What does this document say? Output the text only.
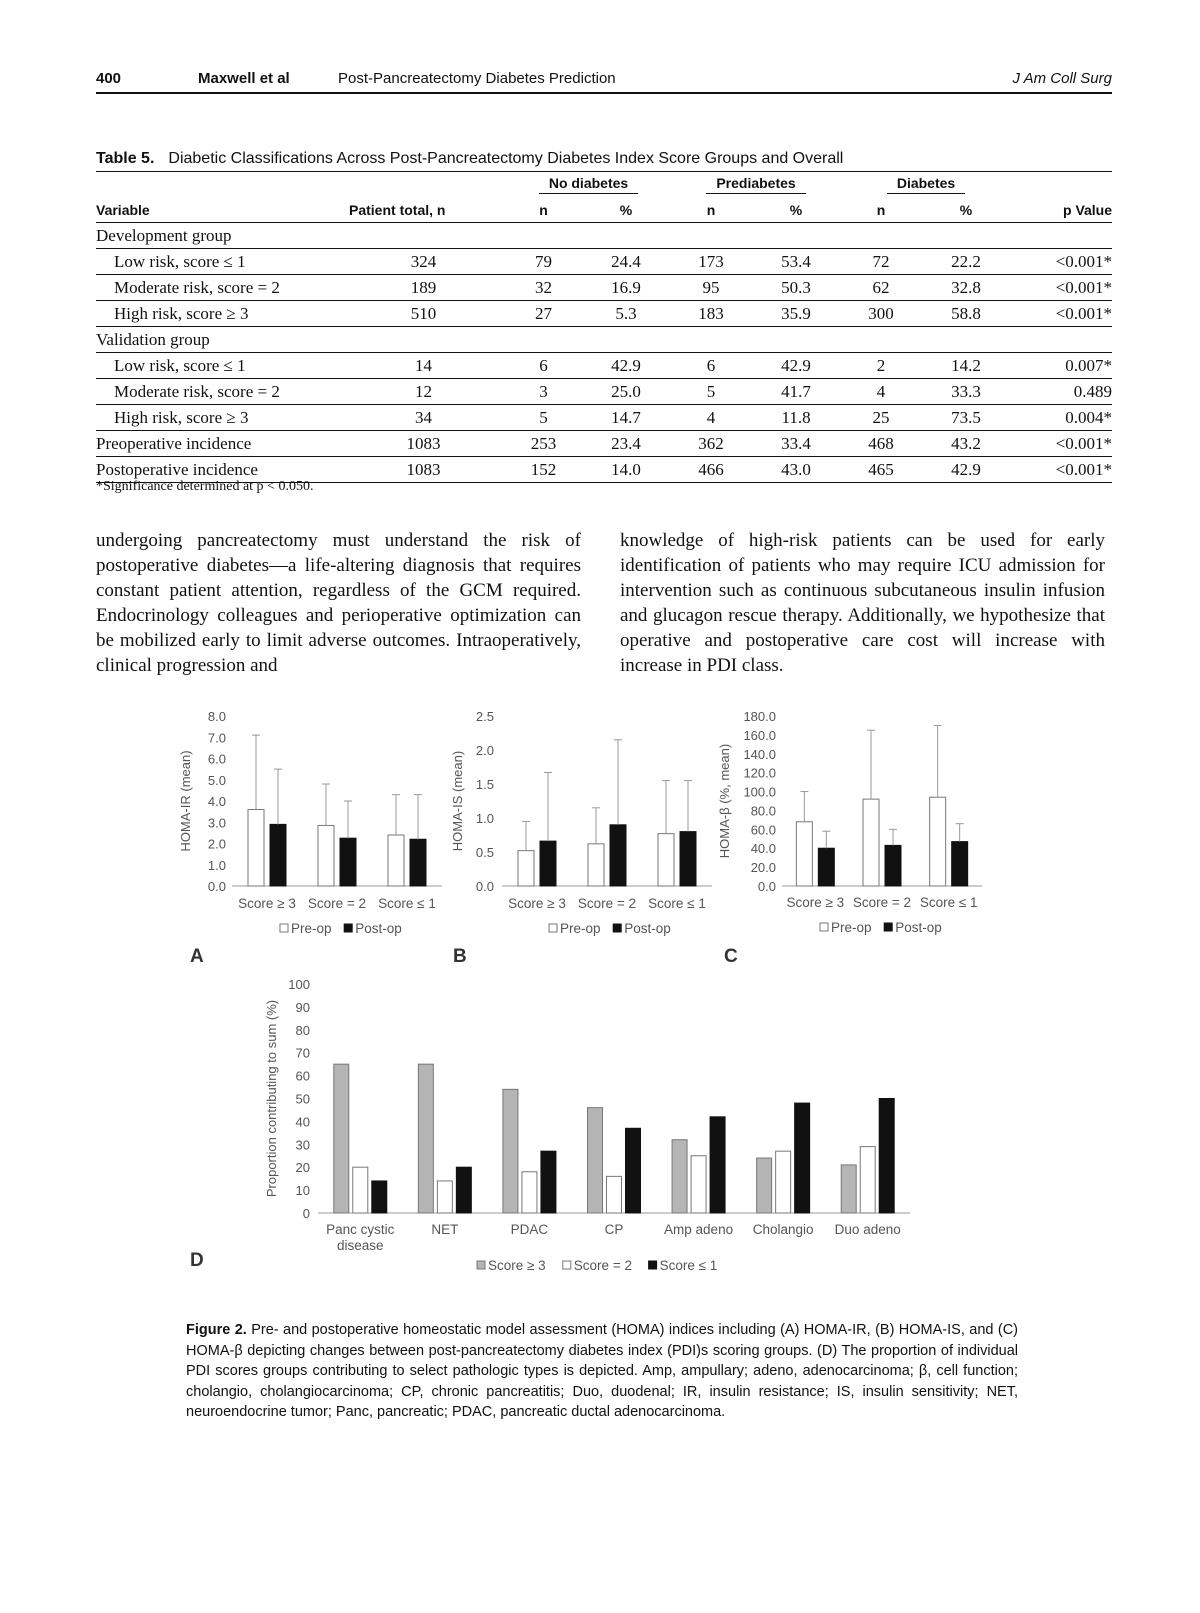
400	Maxwell et al	Post-Pancreatectomy Diabetes Prediction	J Am Coll Surg
Table 5. Diabetic Classifications Across Post-Pancreatectomy Diabetes Index Score Groups and Overall
		No diabetes		Prediabetes		Diabetes		
Variable	Patient total, n	n	%	n	%	n	%	p Value
Development group								
Low risk, score ≤ 1	324	79	24.4	173	53.4	72	22.2	<0.001*
Moderate risk, score = 2	189	32	16.9	95	50.3	62	32.8	<0.001*
High risk, score ≥ 3	510	27	5.3	183	35.9	300	58.8	<0.001*
Validation group								
Low risk, score ≤ 1	14	6	42.9	6	42.9	2	14.2	0.007*
Moderate risk, score = 2	12	3	25.0	5	41.7	4	33.3	0.489
High risk, score ≥ 3	34	5	14.7	4	11.8	25	73.5	0.004*
Preoperative incidence	1083	253	23.4	362	33.4	468	43.2	<0.001*
Postoperative incidence	1083	152	14.0	466	43.0	465	42.9	<0.001*
*Significance determined at p < 0.050.
undergoing pancreatectomy must understand the risk of postoperative diabetes—a life-altering diagnosis that requires constant patient attention, regardless of the GCM required. Endocrinology colleagues and perioperative optimization can be mobilized early to limit adverse outcomes. Intraoperatively, clinical progression and
knowledge of high-risk patients can be used for early identification of patients who may require ICU admission for intervention such as continuous subcutaneous insulin infusion and glucagon rescue therapy. Additionally, we hypothesize that operative and postoperative care cost will increase with increase in PDI class.
0.0
1.0
2.0
3.0
4.0
5.0
6.0
7.0
8.0
HOMA-IR (mean)
Score ≥ 3 Score = 2 Score ≤ 1
Pre-op Post-op
A
0.0
0.5
1.0
1.5
2.0
2.5
HOMA-IS (mean)
Score ≥ 3 Score = 2 Score ≤ 1
Pre-op Post-op
B
0.0
20.0
40.0
60.0
80.0
100.0
120.0
140.0
160.0
180.0
HOMA-β (%, mean)
Score ≥ 3 Score = 2 Score ≤ 1
Pre-op Post-op
C
0
10
20
30
40
50
60
70
80
90
100
Proportion contributing to sum (%)
Panc cystic
disease
NET	PDAC	CP	Amp adeno Cholangio Duo adeno
Score ≥ 3 Score = 2 Score ≤ 1
D
Figure 2. Pre- and postoperative homeostatic model assessment (HOMA) indices including (A) HOMA-IR, (B) HOMA-IS, and (C) HOMA-β depicting changes between post-pancreatectomy diabetes index (PDI)s scoring groups. (D) The proportion of individual PDI scores groups contributing to select pathologic types is depicted. Amp, ampullary; adeno, adenocarcinoma; β, cell function; cholangio, cholangiocarcinoma; CP, chronic pancreatitis; Duo, duodenal; IR, insulin resistance; IS, insulin sensitivity; NET, neuroendocrine tumor; Panc, pancreatic; PDAC, pancreatic ductal adenocarcinoma.
